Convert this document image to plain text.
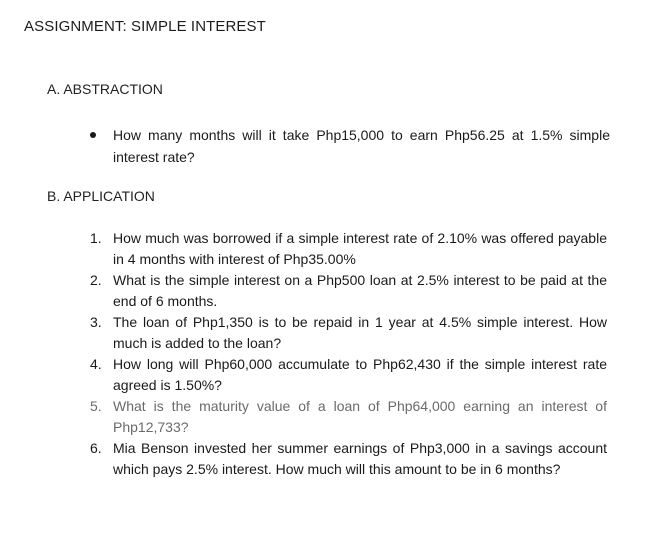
ASSIGNMENT: SIMPLE INTEREST
A. ABSTRACTION
How many months will it take Php15,000 to earn Php56.25 at 1.5% simple interest rate?
B. APPLICATION
1. How much was borrowed if a simple interest rate of 2.10% was offered payable in 4 months with interest of Php35.00%
2. What is the simple interest on a Php500 loan at 2.5% interest to be paid at the end of 6 months.
3. The loan of Php1,350 is to be repaid in 1 year at 4.5% simple interest. How much is added to the loan?
4. How long will Php60,000 accumulate to Php62,430 if the simple interest rate agreed is 1.50%?
5. What is the maturity value of a loan of Php64,000 earning an interest of Php12,733?
6. Mia Benson invested her summer earnings of Php3,000 in a savings account which pays 2.5% interest. How much will this amount to be in 6 months?
